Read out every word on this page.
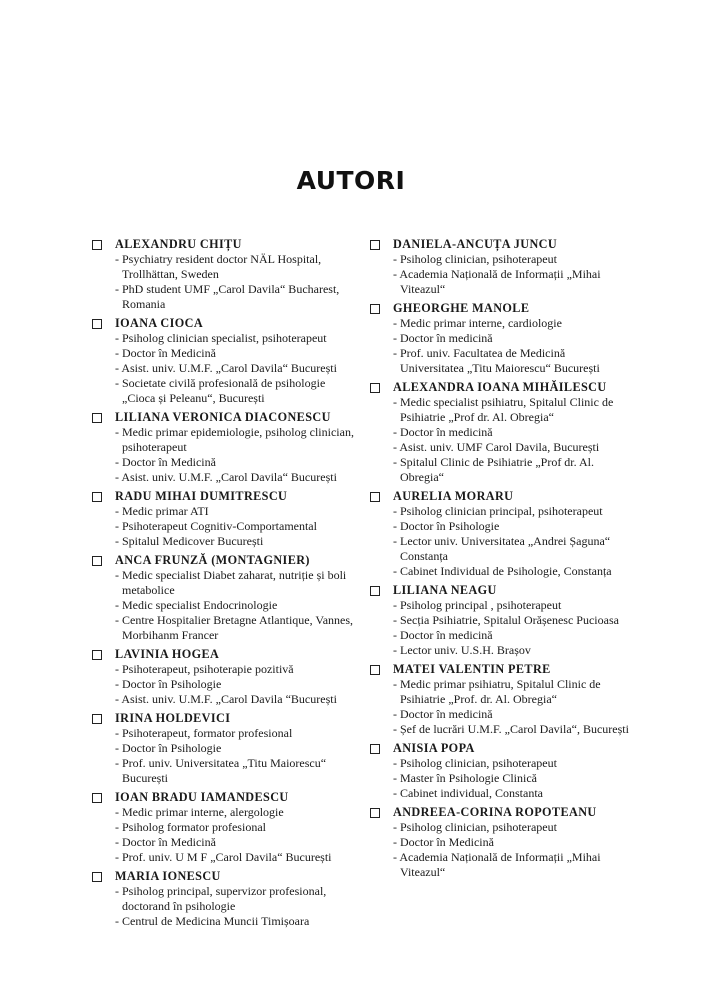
AUTORI
ALEXANDRU CHIȚU
- Psychiatry resident doctor NÄL Hospital, Trollhättan, Sweden
- PhD student UMF „Carol Davila“ Bucharest, Romania
IOANA CIOCA
- Psiholog clinician specialist, psihoterapeut
- Doctor în Medicină
- Asist. univ. U.M.F. „Carol Davila“ București
- Societate civilă profesională de psihologie „Cioca și Peleanu“, București
LILIANA VERONICA DIACONESCU
- Medic primar epidemiologie, psiholog clinician, psihoterapeut
- Doctor în Medicină
- Asist. univ. U.M.F. „Carol Davila“ București
RADU MIHAI DUMITRESCU
- Medic primar ATI
- Psihoterapeut Cognitiv-Comportamental
- Spitalul Medicover București
ANCA FRUNZĂ (MONTAGNIER)
- Medic specialist Diabet zaharat, nutriție și boli metabolice
- Medic specialist Endocrinologie
- Centre Hospitalier Bretagne Atlantique, Vannes, Morbihanm Francer
LAVINIA HOGEA
- Psihoterapeut, psihoterapie pozitivă
- Doctor în Psihologie
- Asist. univ. U.M.F. „Carol Davila “București
IRINA HOLDEVICI
- Psihoterapeut, formator profesional
- Doctor în Psihologie
- Prof. univ. Universitatea „Titu Maiorescu“ București
IOAN BRADU IAMANDESCU
- Medic primar interne, alergologie
- Psiholog formator profesional
- Doctor în Medicină
- Prof. univ. U M F „Carol Davila“ București
MARIA IONESCU
- Psiholog principal, supervizor profesional, doctorand în psihologie
- Centrul de Medicina Muncii Timișoara
DANIELA-ANCUȚA JUNCU
- Psiholog clinician, psihoterapeut
- Academia Națională de Informații „Mihai Viteazul“
GHEORGHE MANOLE
- Medic primar interne, cardiologie
- Doctor în medicină
- Prof. univ. Facultatea de Medicină Universitatea „Titu Maiorescu“ București
ALEXANDRA IOANA MIHĂILESCU
- Medic specialist psihiatru, Spitalul Clinic de Psihiatrie „Prof dr. Al. Obregia“
- Doctor în medicină
- Asist. univ. UMF Carol Davila, București
- Spitalul Clinic de Psihiatrie „Prof dr. Al. Obregia“
AURELIA MORARU
- Psiholog clinician principal, psihoterapeut
- Doctor în Psihologie
- Lector univ. Universitatea „Andrei Șaguna“ Constanța
- Cabinet Individual de Psihologie, Constanța
LILIANA NEAGU
- Psiholog principal , psihoterapeut
- Secția Psihiatrie, Spitalul Orășenesc Pucioasa
- Doctor în medicină
- Lector univ. U.S.H. Brașov
MATEI VALENTIN PETRE
- Medic primar psihiatru, Spitalul Clinic de Psihiatrie „Prof. dr. Al. Obregia“
- Doctor în medicină
- Șef de lucrări U.M.F. „Carol Davila“, București
ANISIA POPA
- Psiholog clinician, psihoterapeut
- Master în Psihologie Clinică
- Cabinet individual, Constanta
ANDREEA-CORINA ROPOTEANU
- Psiholog clinician, psihoterapeut
- Doctor în Medicină
- Academia Națională de Informații „Mihai Viteazul“
